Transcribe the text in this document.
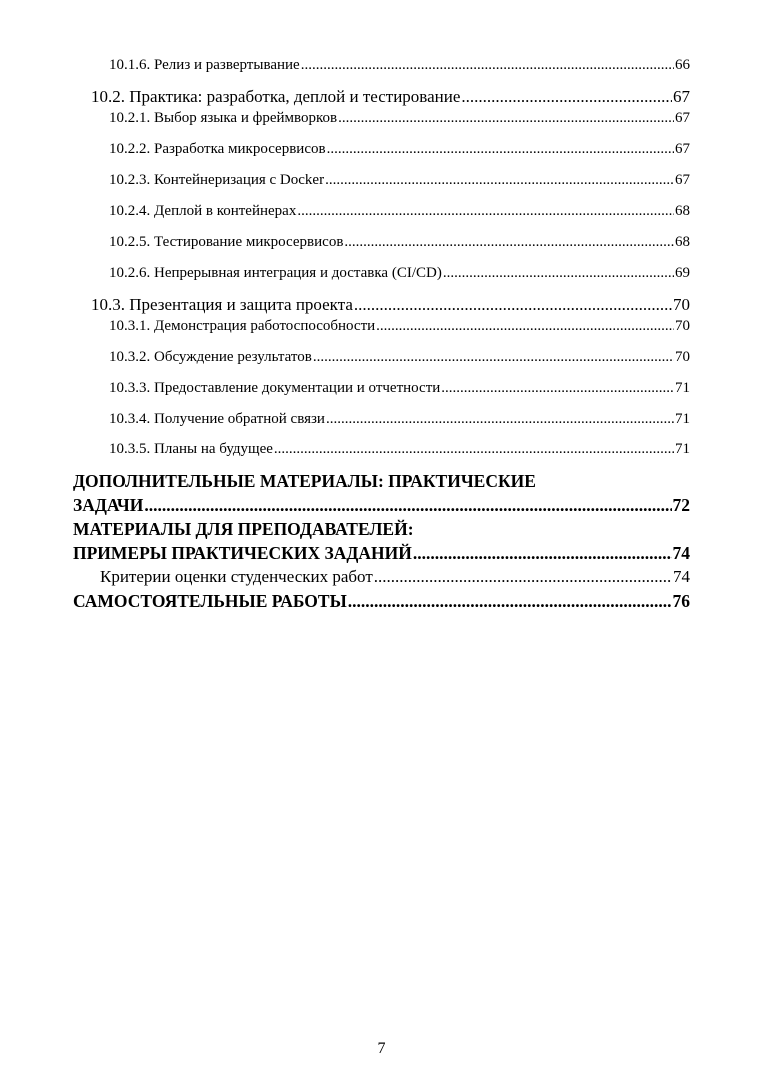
10.1.6. Релиз и развертывание .....	66
10.2. Практика: разработка, деплой и тестирование .....	67
10.2.1. Выбор языка и фреймворков .....	67
10.2.2. Разработка микросервисов .....	67
10.2.3. Контейнеризация с Docker .....	67
10.2.4. Деплой в контейнерах .....	68
10.2.5. Тестирование микросервисов .....	68
10.2.6. Непрерывная интеграция и доставка (CI/CD) .....	69
10.3. Презентация и защита проекта .....	70
10.3.1. Демонстрация работоспособности .....	70
10.3.2. Обсуждение результатов .....	70
10.3.3. Предоставление документации и отчетности .....	71
10.3.4. Получение обратной связи .....	71
10.3.5. Планы на будущее .....	71
ДОПОЛНИТЕЛЬНЫЕ МАТЕРИАЛЫ: ПРАКТИЧЕСКИЕ
ЗАДАЧИ .....	72
МАТЕРИАЛЫ ДЛЯ ПРЕПОДАВАТЕЛЕЙ:
ПРИМЕРЫ ПРАКТИЧЕСКИХ ЗАДАНИЙ .....	74
Критерии оценки студенческих работ .....	74
САМОСТОЯТЕЛЬНЫЕ РАБОТЫ .....	76
7
